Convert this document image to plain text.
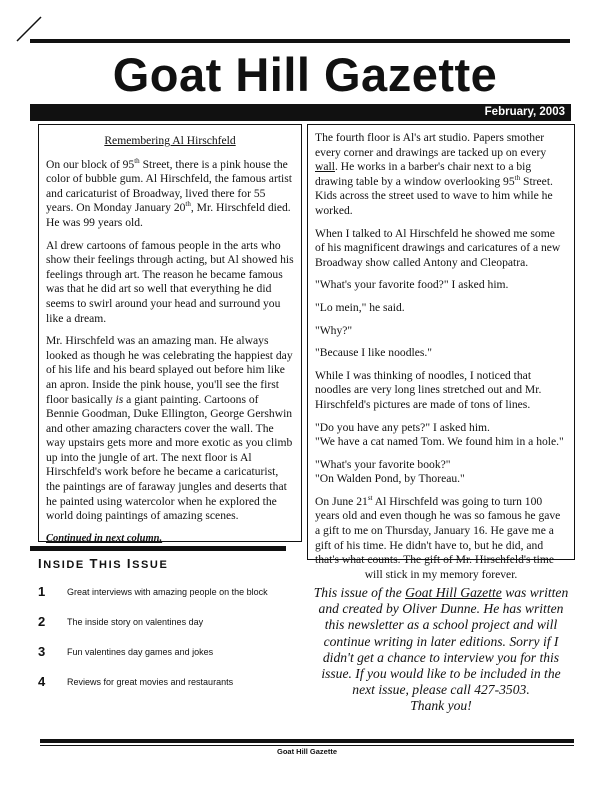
Goat Hill Gazette
February, 2003

Remembering Al Hirschfeld

On our block of 95th Street, there is a pink house the color of bubble gum. Al Hirschfeld, the famous artist and caricaturist of Broadway, lived there for 55 years. On Monday January 20th, Mr. Hirschfeld died. He was 99 years old.

Al drew cartoons of famous people in the arts who show their feelings through acting, but Al showed his feelings through art. The reason he became famous was that he did art so well that everything he did seems to swirl around your head and surround you like a dream.

Mr. Hirschfeld was an amazing man. He always looked as though he was celebrating the happiest day of his life and his beard splayed out before him like an apron. Inside the pink house, you'll see the first floor basically is a giant painting. Cartoons of Bennie Goodman, Duke Ellington, George Gershwin and other amazing characters cover the wall. The way upstairs gets more and more exotic as you climb up into the jungle of art. The next floor is Al Hirschfeld's work before he became a caricaturist, the paintings are of faraway jungles and deserts that he painted using watercolor when he explored the world doing paintings of amazing scenes.

Continued in next column.

The fourth floor is Al's art studio. Papers smother every corner and drawings are tacked up on every wall. He works in a barber's chair next to a big drawing table by a window overlooking 95th Street. Kids across the street used to wave to him while he worked.

When I talked to Al Hirschfeld he showed me some of his magnificent drawings and caricatures of a new Broadway show called Antony and Cleopatra.

"What's your favorite food?" I asked him.

"Lo mein," he said.

"Why?"

"Because I like noodles."

While I was thinking of noodles, I noticed that noodles are very long lines stretched out and Mr. Hirschfeld's pictures are made of tons of lines.

"Do you have any pets?" I asked him.

"We have a cat named Tom. We found him in a hole."

"What's your favorite book?"

"On Walden Pond, by Thoreau."

On June 21st Al Hirschfeld was going to turn 100 years old and even though he was so famous he gave a gift to me on Thursday, January 16. He gave me a gift of his time. He didn't have to, but he did, and that's what counts. The gift of Mr. Hirschfeld's time

will stick in my memory forever.

INSIDE THIS ISSUE
1 Great interviews with amazing people on the block
2 The inside story on valentines day
3 Fun valentines day games and jokes
4 Reviews for great movies and restaurants
This issue of the Goat Hill Gazette was written and created by Oliver Dunne. He has written this newsletter as a school project and will continue writing in later editions. Sorry if I didn't get a chance to interview you for this issue. If you would like to be included in the next issue, please call 427-3503.
Thank you!
Goat Hill Gazette
